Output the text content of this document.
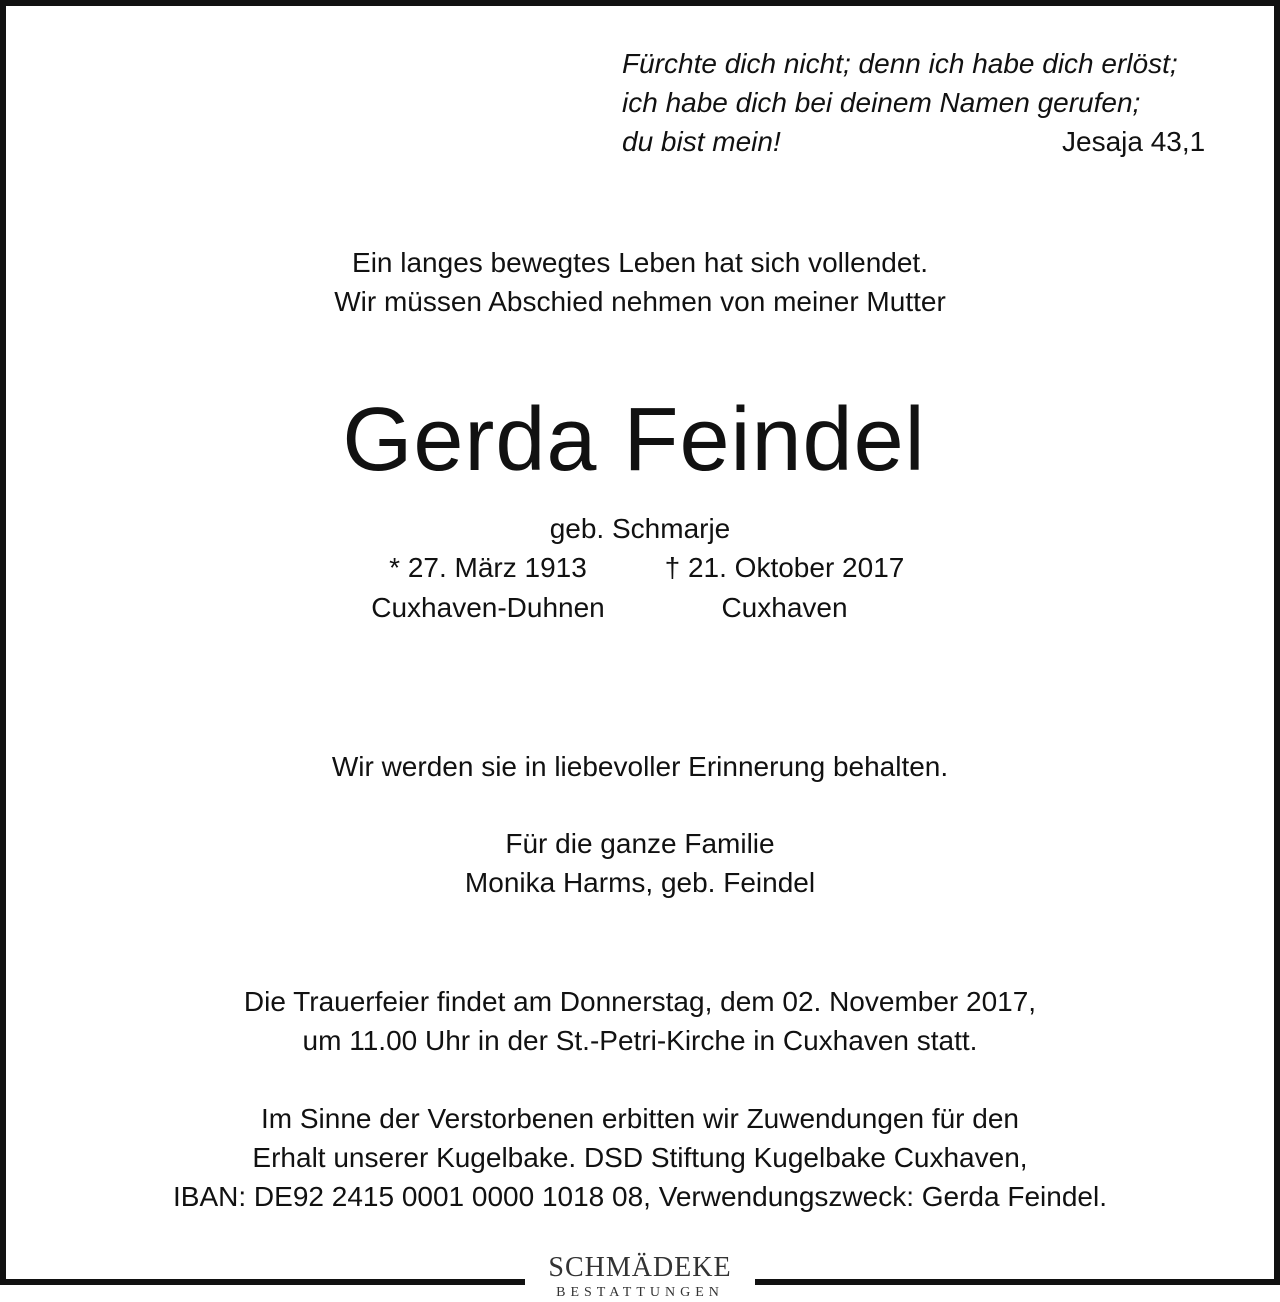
Fürchte dich nicht; denn ich habe dich erlöst;
ich habe dich bei deinem Namen gerufen;
du bist mein!	Jesaja 43,1
Ein langes bewegtes Leben hat sich vollendet.
Wir müssen Abschied nehmen von meiner Mutter
Gerda Feindel
geb. Schmarje
* 27. März 1913
Cuxhaven-Duhnen
† 21. Oktober 2017
Cuxhaven
Wir werden sie in liebevoller Erinnerung behalten.
Für die ganze Familie
Monika Harms, geb. Feindel
Die Trauerfeier findet am Donnerstag, dem 02. November 2017,
um 11.00 Uhr in der St.-Petri-Kirche in Cuxhaven statt.
Im Sinne der Verstorbenen erbitten wir Zuwendungen für den
Erhalt unserer Kugelbake. DSD Stiftung Kugelbake Cuxhaven,
IBAN: DE92 2415 0001 0000 1018 08, Verwendungszweck: Gerda Feindel.
SCHMÄDEKE
BESTATTUNGEN
